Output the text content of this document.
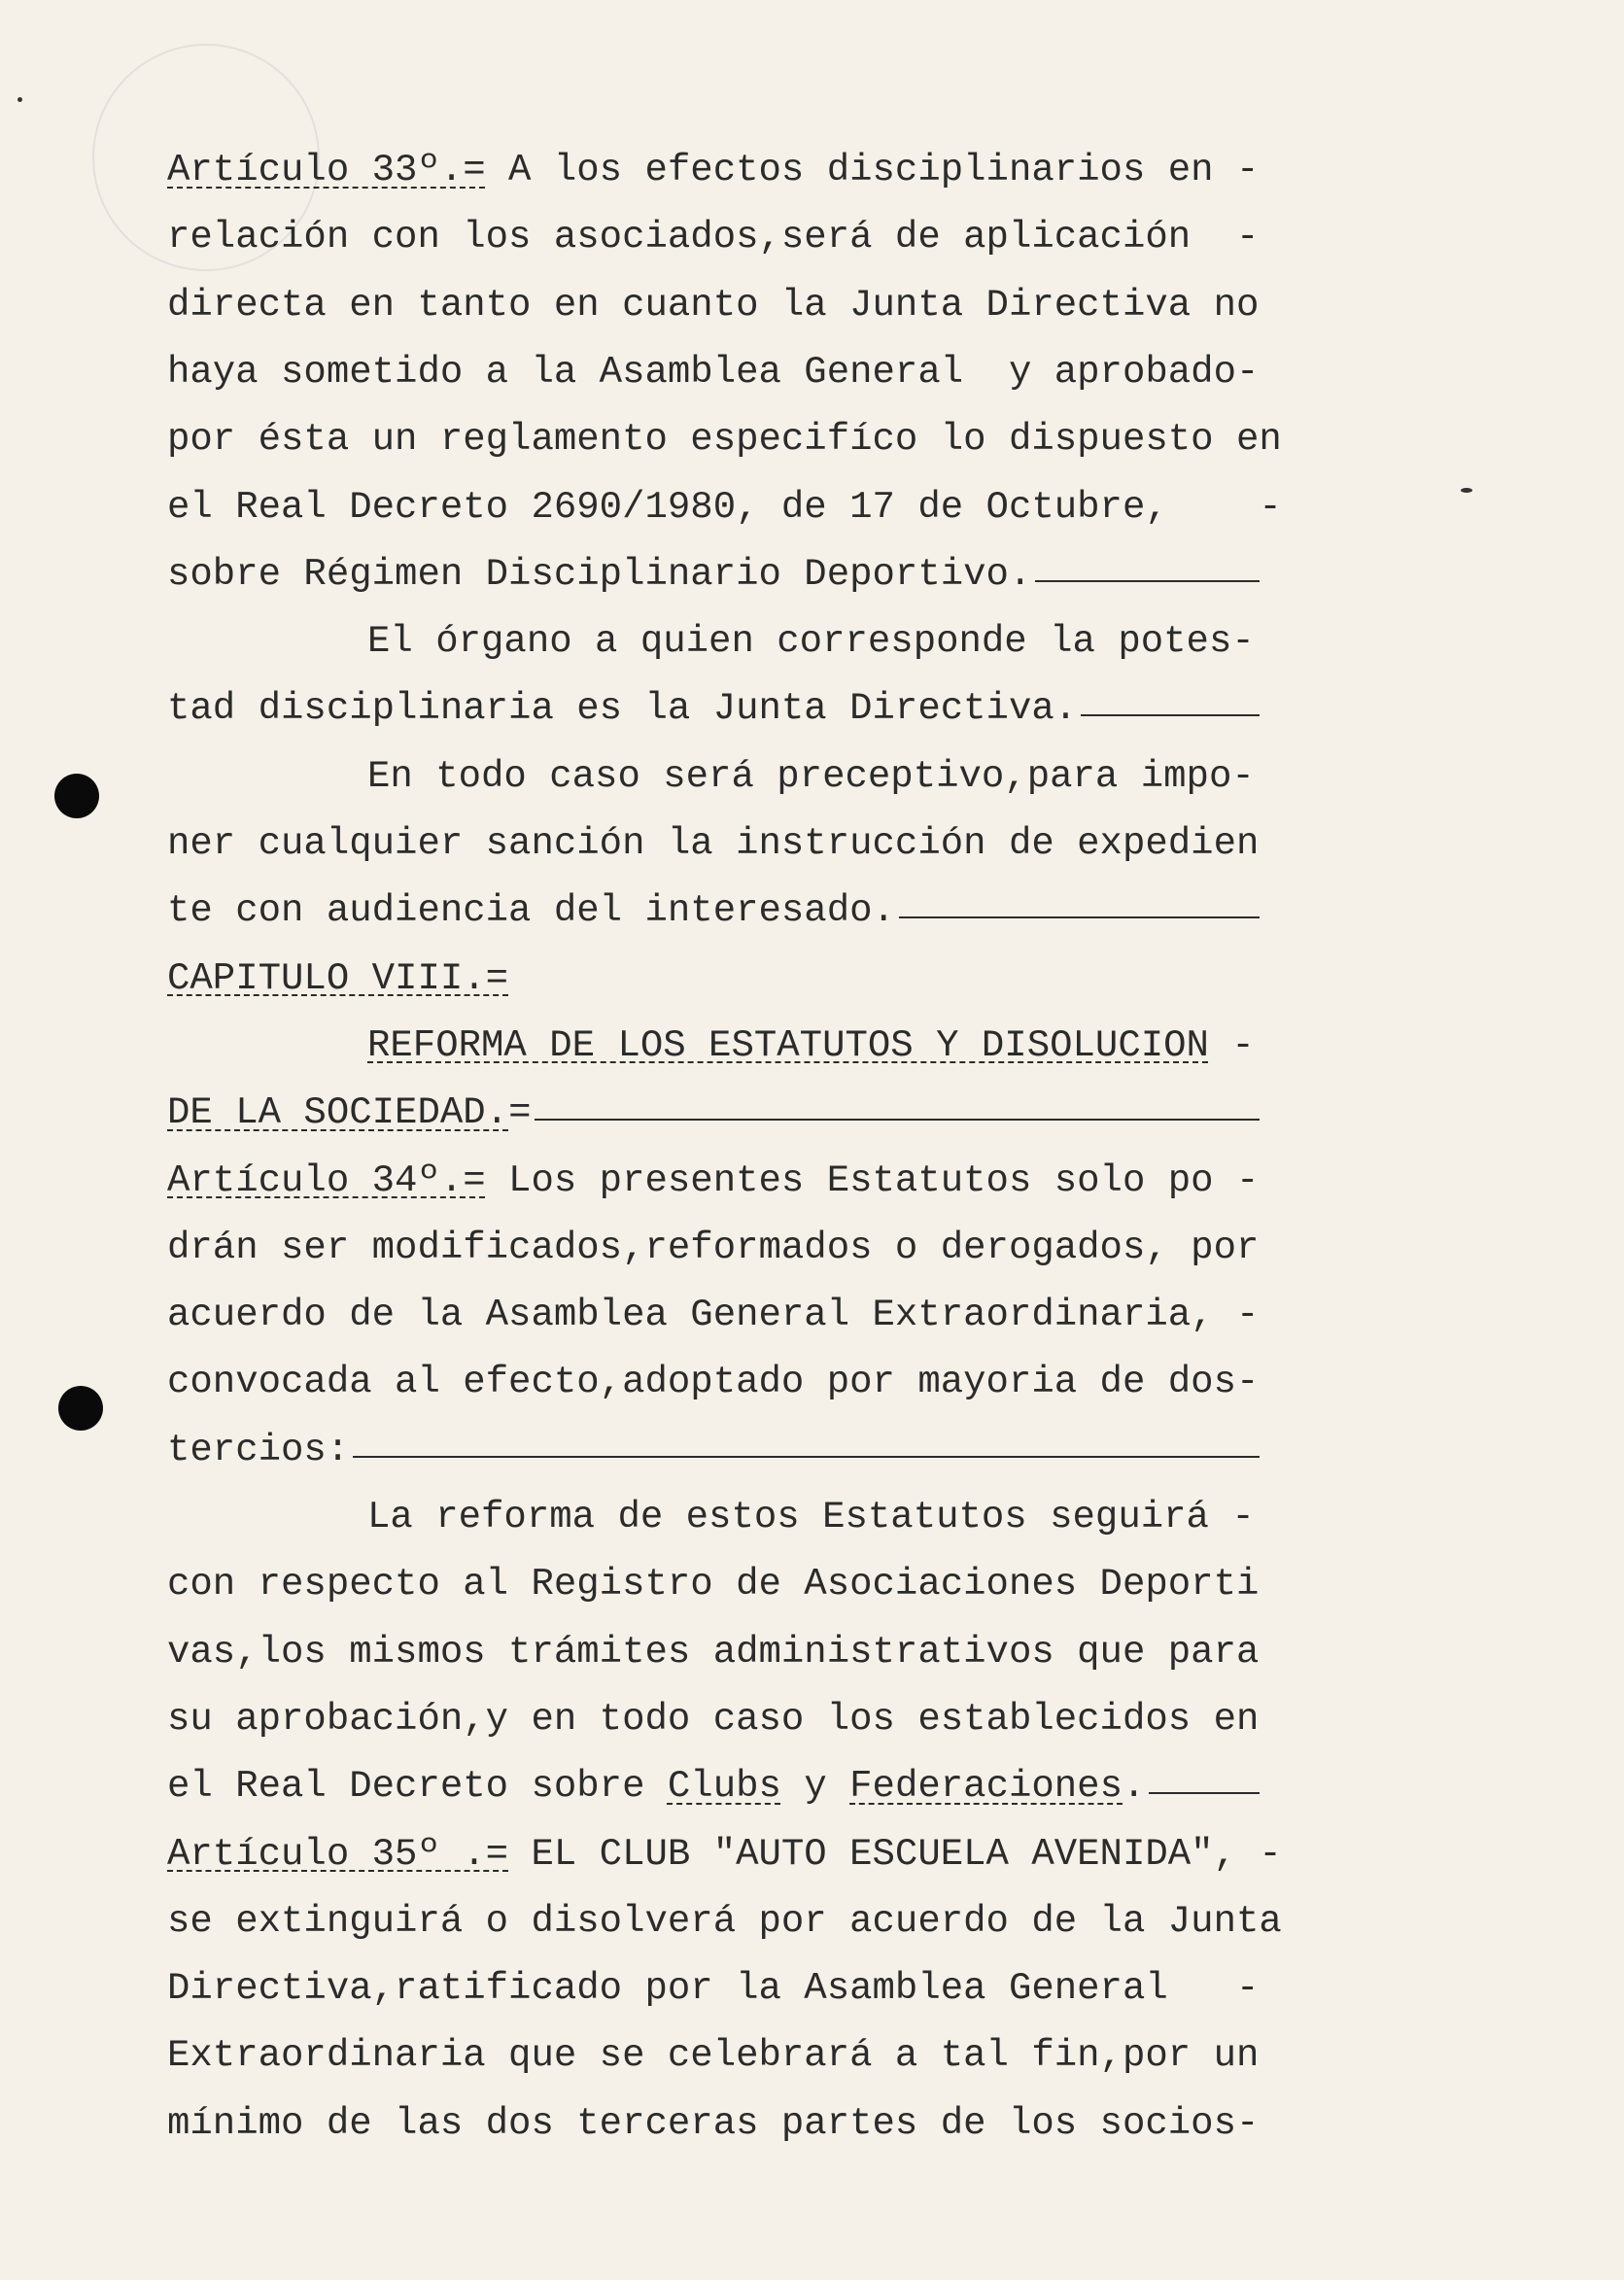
Artículo 33º.= A los efectos disciplinarios en -
relación con los asociados,será de aplicación  -
directa en tanto en cuanto la Junta Directiva no
haya sometido a la Asamblea General  y aprobado-
por ésta un reglamento especifíco lo dispuesto en
el Real Decreto 2690/1980, de 17 de Octubre,    -
sobre Régimen Disciplinario Deportivo.
El órgano a quien corresponde la potes-
tad disciplinaria es la Junta Directiva.
En todo caso será preceptivo,para impo-
ner cualquier sanción la instrucción de expedien
te con audiencia del interesado.
CAPITULO VIII.=
REFORMA DE LOS ESTATUTOS Y DISOLUCION -
DE LA SOCIEDAD. =
Artículo 34º.= Los presentes Estatutos solo po -
drán ser modificados,reformados o derogados, por
acuerdo de la Asamblea General Extraordinaria, -
convocada al efecto,adoptado por mayoria de dos-
tercios:
La reforma de estos Estatutos seguirá -
con respecto al Registro de Asociaciones Deporti
vas,los mismos trámites administrativos que para
su aprobación,y en todo caso los establecidos en
el Real Decreto sobre Clubs y Federaciones .
Artículo 35º .= EL CLUB "AUTO ESCUELA AVENIDA", -
se extinguirá o disolverá por acuerdo de la Junta
Directiva,ratificado por la Asamblea General   -
Extraordinaria que se celebrará a tal fin,por un
mínimo de las dos terceras partes de los socios-
